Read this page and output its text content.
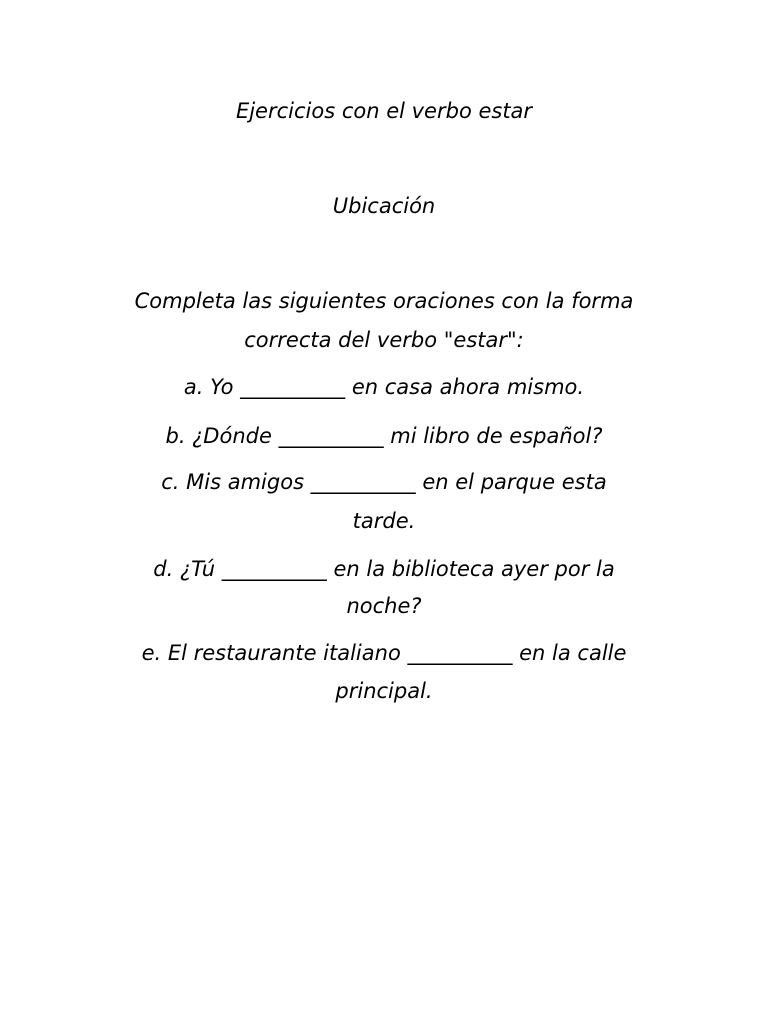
Ejercicios con el verbo estar
Ubicación
Completa las siguientes oraciones con la forma
correcta del verbo "estar":
a. Yo __________ en casa ahora mismo.
b. ¿Dónde __________ mi libro de español?
c. Mis amigos __________ en el parque esta
tarde.
d. ¿Tú __________ en la biblioteca ayer por la
noche?
e. El restaurante italiano __________ en la calle
principal.
